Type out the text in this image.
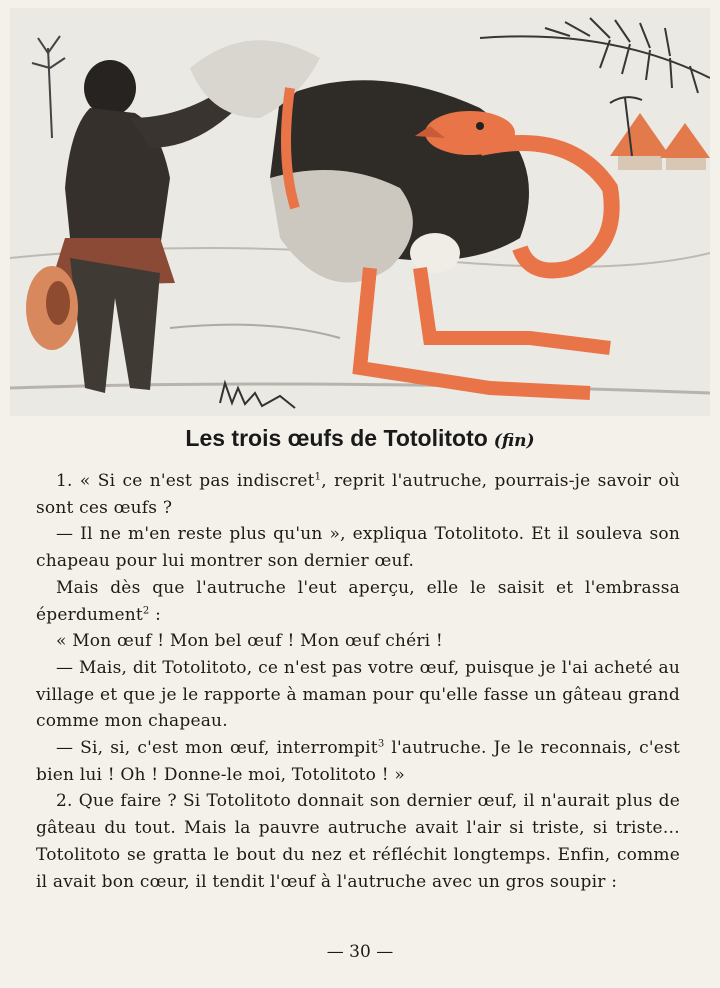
Les trois œufs de Totolitoto (fin)

1. « Si ce n'est pas indiscret$^1$, reprit l'autruche, pourrais-je savoir où sont ces œufs ?

— Il ne m'en reste plus qu'un », expliqua Totolitoto. Et il souleva son chapeau pour lui montrer son dernier œuf.

Mais dès que l'autruche l'eut aperçu, elle le saisit et l'embrassa éperdument$^2$ :

« Mon œuf ! Mon bel œuf ! Mon œuf chéri !

— Mais, dit Totolitoto, ce n'est pas votre œuf, puisque je l'ai acheté au village et que je le rapporte à maman pour qu'elle fasse un gâteau grand comme mon chapeau.

— Si, si, c'est mon œuf, interrompit$^3$ l'autruche. Je le reconnais, c'est bien lui ! Oh ! Donne-le moi, Totolitoto ! »

2. Que faire ? Si Totolitoto donnait son dernier œuf, il n'aurait plus de gâteau du tout. Mais la pauvre autruche avait l'air si triste, si triste… Totolitoto se gratta le bout du nez et réfléchit longtemps. Enfin, comme il avait bon cœur, il tendit l'œuf à l'autruche avec un gros soupir :

— 30 —
